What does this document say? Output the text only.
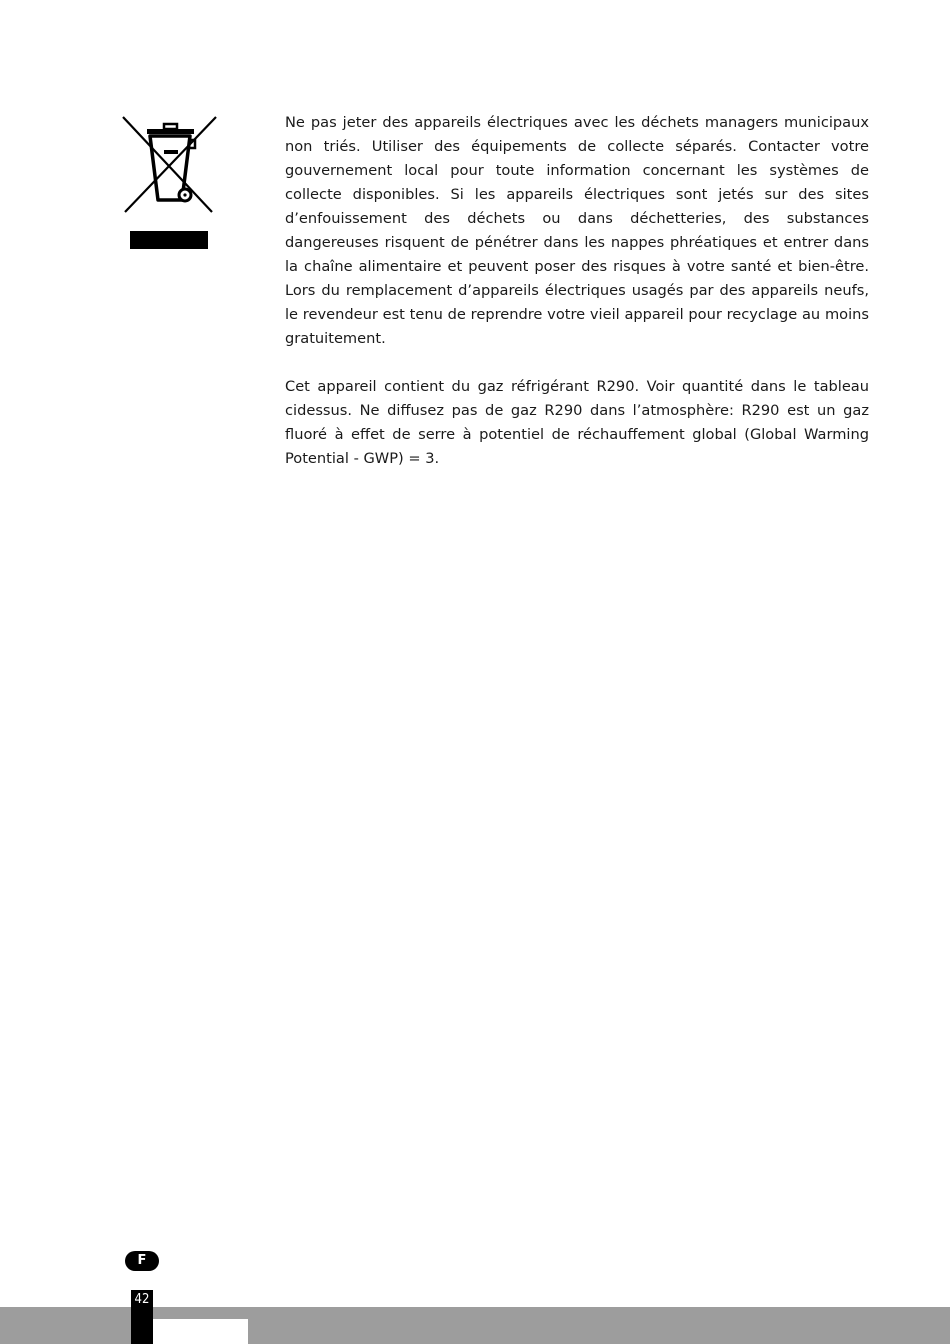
Ne pas jeter des appareils électriques avec les déchets managers municipaux non triés. Utiliser des équipements de collecte séparés. Contacter votre gouvernement local pour toute information concernant les systèmes de collecte disponibles. Si les appareils électriques sont jetés sur des sites d’enfouissement des déchets ou dans déchetteries, des substances dangereuses risquent de pénétrer dans les nappes phréatiques et entrer dans la chaîne alimentaire et peuvent poser des risques à votre santé et bien-être. Lors du remplacement d’appareils électriques usagés par des appareils neufs, le revendeur est tenu de reprendre votre vieil appareil pour recyclage au moins gratuitement.

Cet appareil contient du gaz réfrigérant R290. Voir quantité dans le tableau cidessus. Ne diffusez pas de gaz R290 dans l’atmosphère: R290 est un gaz fluoré à effet de serre à potentiel de réchauffement global (Global Warming Potential - GWP) = 3.

F
42
